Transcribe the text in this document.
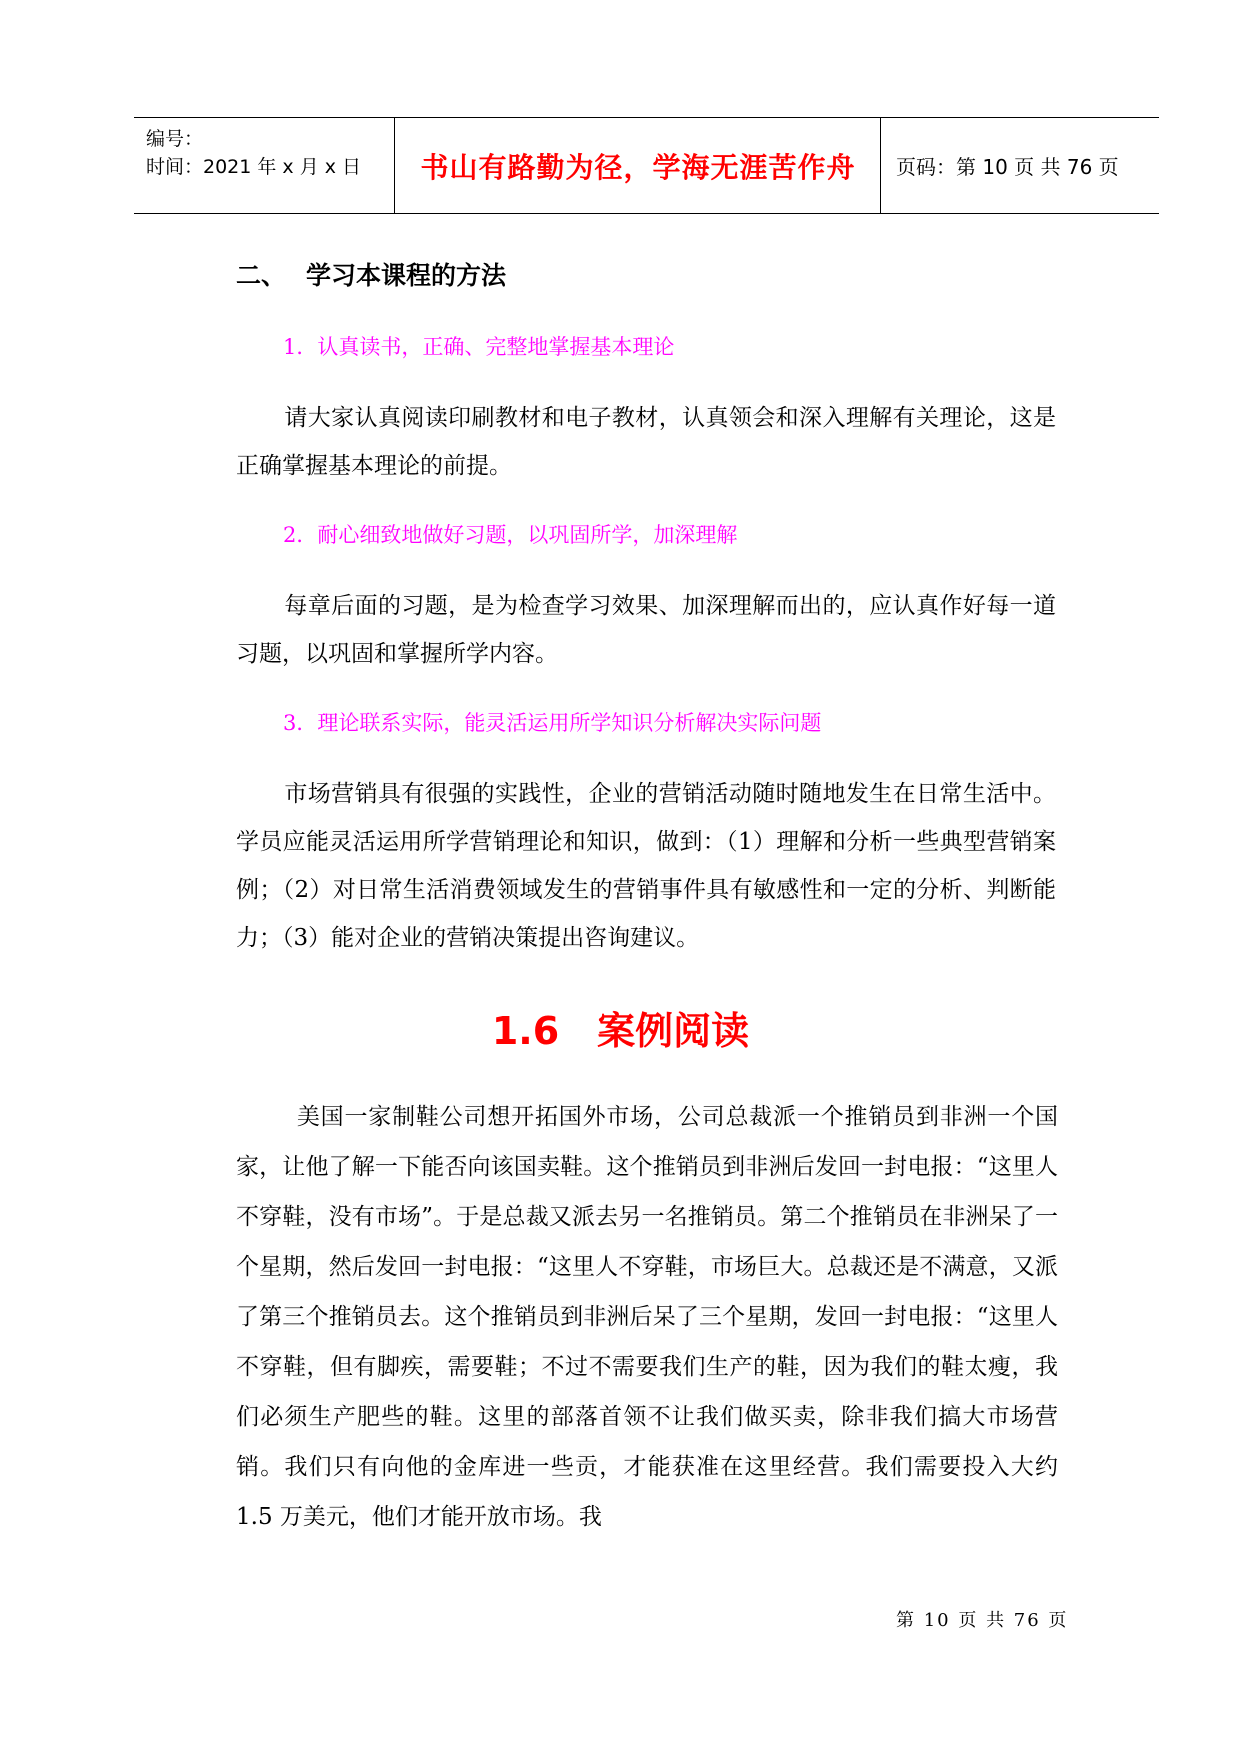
编号：
时间：2021 年 x 月 x 日 书山有路勤为径，学海无涯苦作舟	页码：第 10 页 共 76 页
二、 学习本课程的方法
1．认真读书，正确、完整地掌握基本理论

请大家认真阅读印刷教材和电子教材，认真领会和深入理解有关理论，这是正确掌握基本理论的前提。

2．耐心细致地做好习题，以巩固所学，加深理解

每章后面的习题，是为检查学习效果、加深理解而出的，应认真作好每一道习题，以巩固和掌握所学内容。

3．理论联系实际，能灵活运用所学知识分析解决实际问题

市场营销具有很强的实践性，企业的营销活动随时随地发生在日常生活中。学员应能灵活运用所学营销理论和知识，做到：（1）理解和分析一些典型营销案例；（2）对日常生活消费领域发生的营销事件具有敏感性和一定的分析、判断能力；（3）能对企业的营销决策提出咨询建议。

1.6　案例阅读

美国一家制鞋公司想开拓国外市场，公司总裁派一个推销员到非洲一个国家，让他了解一下能否向该国卖鞋。这个推销员到非洲后发回一封电报：“这里人不穿鞋，没有市场”。于是总裁又派去另一名推销员。第二个推销员在非洲呆了一个星期，然后发回一封电报：“这里人不穿鞋，市场巨大。总裁还是不满意，又派了第三个推销员去。这个推销员到非洲后呆了三个星期，发回一封电报：“这里人不穿鞋，但有脚疾，需要鞋；不过不需要我们生产的鞋，因为我们的鞋太瘦，我们必须生产肥些的鞋。这里的部落首领不让我们做买卖，除非我们搞大市场营销。我们只有向他的金库进一些贡，才能获准在这里经营。我们需要投入大约 1.5 万美元，他们才能开放市场。我

第 10 页 共 76 页
